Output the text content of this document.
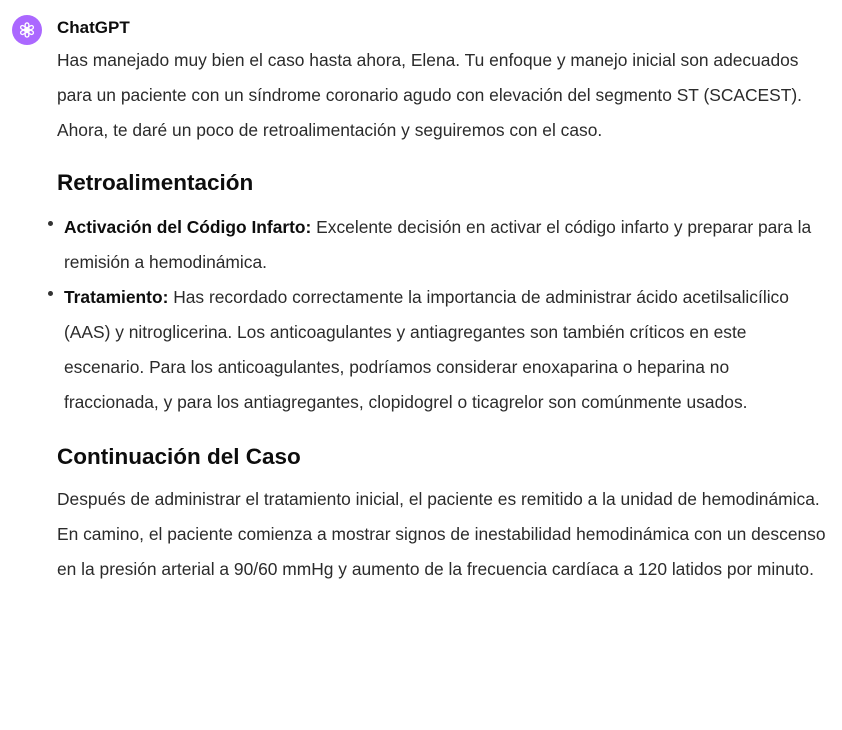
ChatGPT

Has manejado muy bien el caso hasta ahora, Elena. Tu enfoque y manejo inicial son adecuados para un paciente con un síndrome coronario agudo con elevación del segmento ST (SCACEST). Ahora, te daré un poco de retroalimentación y seguiremos con el caso.

Retroalimentación
Activación del Código Infarto: Excelente decisión en activar el código infarto y preparar para la remisión a hemodinámica.
Tratamiento: Has recordado correctamente la importancia de administrar ácido acetilsalicílico (AAS) y nitroglicerina. Los anticoagulantes y antiagregantes son también críticos en este escenario. Para los anticoagulantes, podríamos considerar enoxaparina o heparina no fraccionada, y para los antiagregantes, clopidogrel o ticagrelor son comúnmente usados.
Continuación del Caso

Después de administrar el tratamiento inicial, el paciente es remitido a la unidad de hemodinámica. En camino, el paciente comienza a mostrar signos de inestabilidad hemodinámica con un descenso en la presión arterial a 90/60 mmHg y aumento de la frecuencia cardíaca a 120 latidos por minuto.
